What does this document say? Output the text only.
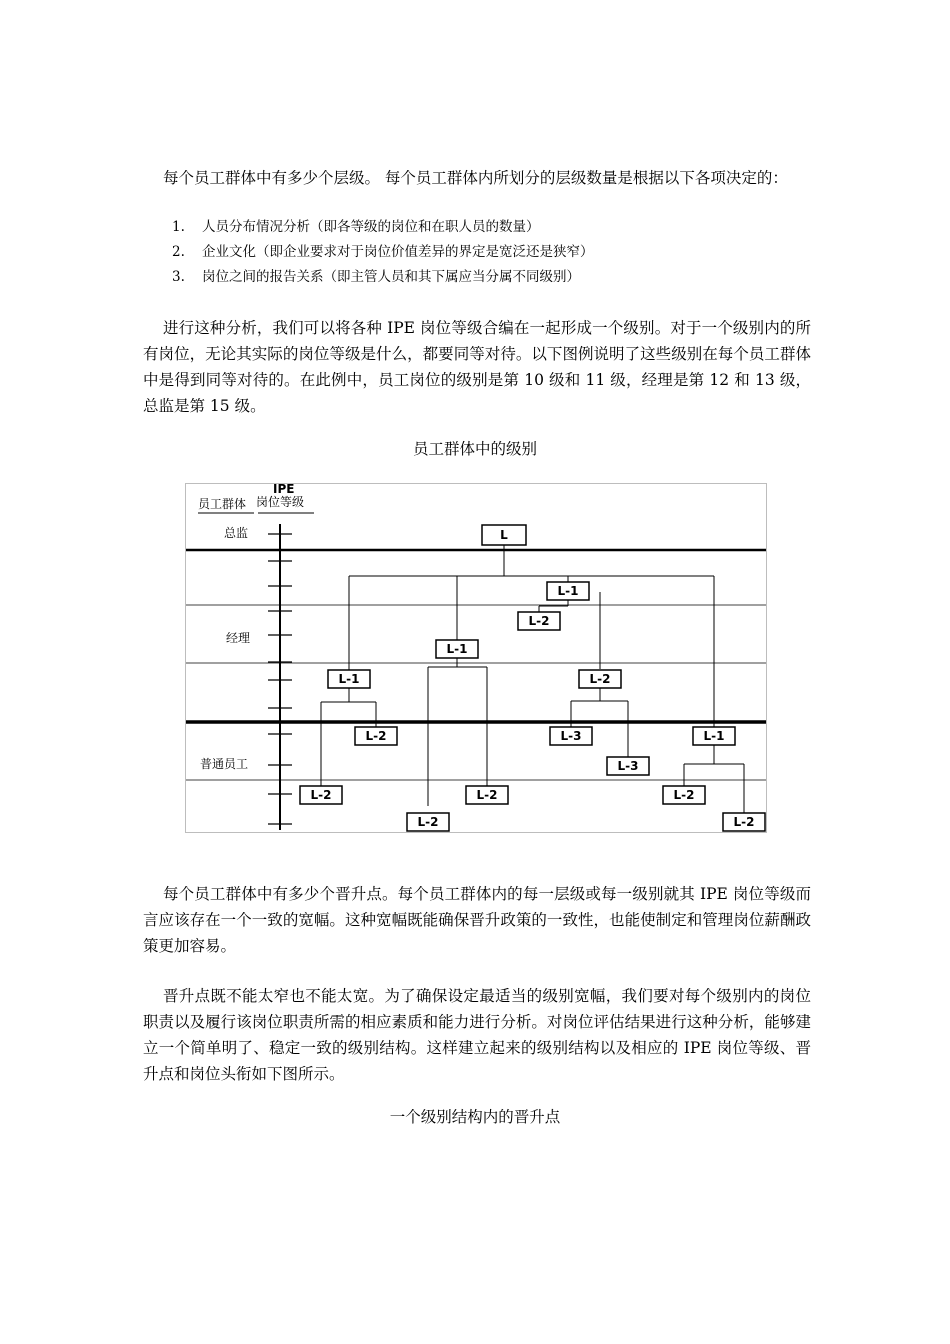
每个员工群体中有多少个层级。 每个员工群体内所划分的层级数量是根据以下各项决定的：

1. 人员分布情况分析（即各等级的岗位和在职人员的数量）
2. 企业文化（即企业要求对于岗位价值差异的界定是宽泛还是狭窄）
3. 岗位之间的报告关系（即主管人员和其下属应当分属不同级别）

进行这种分析，我们可以将各种 IPE 岗位等级合编在一起形成一个级别。对于一个级别内的所有岗位，无论其实际的岗位等级是什么，都要同等对待。以下图例说明了这些级别在每个员工群体中是得到同等对待的。在此例中，员工岗位的级别是第 10 级和 11 级，经理是第 12 和 13 级，总监是第 15 级。

员工群体中的级别
员工群体
IPE
岗位等级
总监
经理
普通员工
L
L-1
L-2
L-1
L-1	L-2
L-2	L-3	L-1
L-3
L-2	L-2	L-2
L-2	L-2

每个员工群体中有多少个晋升点。每个员工群体内的每一层级或每一级别就其 IPE 岗位等级而言应该存在一个一致的宽幅。这种宽幅既能确保晋升政策的一致性，也能使制定和管理岗位薪酬政策更加容易。

晋升点既不能太窄也不能太宽。为了确保设定最适当的级别宽幅，我们要对每个级别内的岗位职责以及履行该岗位职责所需的相应素质和能力进行分析。对岗位评估结果进行这种分析，能够建立一个简单明了、稳定一致的级别结构。这样建立起来的级别结构以及相应的 IPE 岗位等级、晋升点和岗位头衔如下图所示。

一个级别结构内的晋升点
